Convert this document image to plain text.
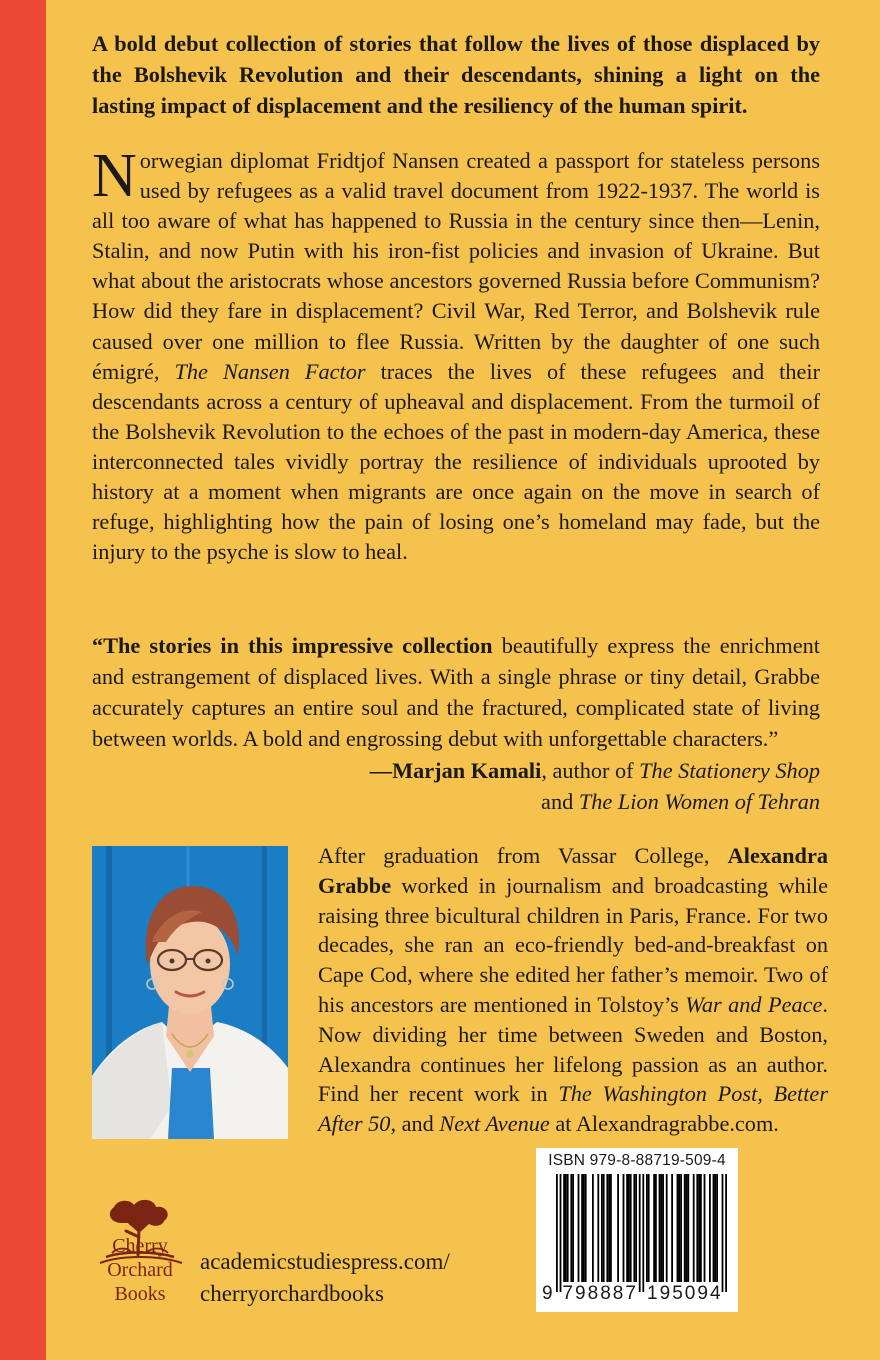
A bold debut collection of stories that follow the lives of those displaced by the Bolshevik Revolution and their descendants, shining a light on the lasting impact of displacement and the resiliency of the human spirit.

Norwegian diplomat Fridtjof Nansen created a passport for stateless persons used by refugees as a valid travel document from 1922-1937. The world is all too aware of what has happened to Russia in the century since then—Lenin, Stalin, and now Putin with his iron-fist policies and invasion of Ukraine. But what about the aristocrats whose ancestors governed Russia before Communism? How did they fare in displacement? Civil War, Red Terror, and Bolshevik rule caused over one million to flee Russia. Written by the daughter of one such émigré, The Nansen Factor traces the lives of these refugees and their descendants across a century of upheaval and displacement. From the turmoil of the Bolshevik Revolution to the echoes of the past in modern-day America, these interconnected tales vividly portray the resilience of individuals uprooted by history at a moment when migrants are once again on the move in search of refuge, highlighting how the pain of losing one’s homeland may fade, but the injury to the psyche is slow to heal.

“The stories in this impressive collection beautifully express the enrichment and estrangement of displaced lives. With a single phrase or tiny detail, Grabbe accurately captures an entire soul and the fractured, complicated state of living between worlds. A bold and engrossing debut with unforgettable characters.”

—Marjan Kamali, author of The Stationery Shop
and The Lion Women of Tehran

After graduation from Vassar College, Alexandra Grabbe worked in journalism and broadcasting while raising three bicultural children in Paris, France. For two decades, she ran an eco-friendly bed-and-breakfast on Cape Cod, where she edited her father’s memoir. Two of his ancestors are mentioned in Tolstoy’s War and Peace. Now dividing her time between Sweden and Boston, Alexandra continues her lifelong passion as an author. Find her recent work in The Washington Post, Better After 50, and Next Avenue at Alexandragrabbe.com.

Cherry
Orchard
Books
academicstudiespress.com/
cherryorchardbooks
ISBN 979-8-88719-509-4
9 7 9 8 8 8 7 1 9 5 0 9 4
